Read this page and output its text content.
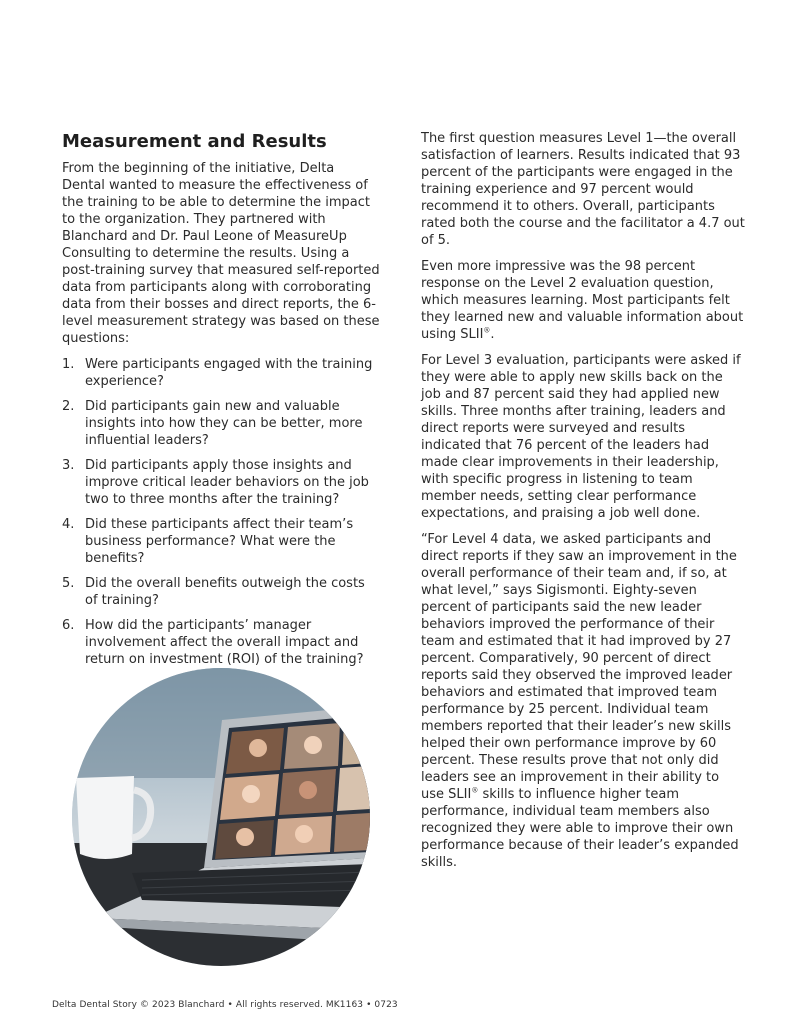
Measurement and Results

From the beginning of the initiative, Delta Dental wanted to measure the effectiveness of the training to be able to determine the impact to the organization. They partnered with Blanchard and Dr. Paul Leone of MeasureUp Consulting to determine the results. Using a post-training survey that measured self-reported data from participants along with corroborating data from their bosses and direct reports, the 6-level measurement strategy was based on these questions:

1. Were participants engaged with the training experience?
2. Did participants gain new and valuable insights into how they can be better, more influential leaders?
3. Did participants apply those insights and improve critical leader behaviors on the job two to three months after the training?
4. Did these participants affect their team’s business performance? What were the benefits?
5. Did the overall benefits outweigh the costs of training?
6. How did the participants’ manager involvement affect the overall impact and return on investment (ROI) of the training?

The first question measures Level 1—the overall satisfaction of learners. Results indicated that 93 percent of the participants were engaged in the training experience and 97 percent would recommend it to others. Overall, participants rated both the course and the facilitator a 4.7 out of 5.

Even more impressive was the 98 percent response on the Level 2 evaluation question, which measures learning. Most participants felt they learned new and valuable information about using SLII®.

For Level 3 evaluation, participants were asked if they were able to apply new skills back on the job and 87 percent said they had applied new skills. Three months after training, leaders and direct reports were surveyed and results indicated that 76 percent of the leaders had made clear improvements in their leadership, with specific progress in listening to team member needs, setting clear performance expectations, and praising a job well done.

“For Level 4 data, we asked participants and direct reports if they saw an improvement in the overall performance of their team and, if so, at what level,” says Sigismonti. Eighty-seven percent of participants said the new leader behaviors improved the performance of their team and estimated that it had improved by 27 percent. Comparatively, 90 percent of direct reports said they observed the improved leader behaviors and estimated that improved team performance by 25 percent. Individual team members reported that their leader’s new skills helped their own performance improve by 60 percent. These results prove that not only did leaders see an improvement in their ability to use SLII® skills to influence higher team performance, individual team members also recognized they were able to improve their own performance because of their leader’s expanded skills.

Delta Dental Story © 2023 Blanchard • All rights reserved. MK1163 • 0723
